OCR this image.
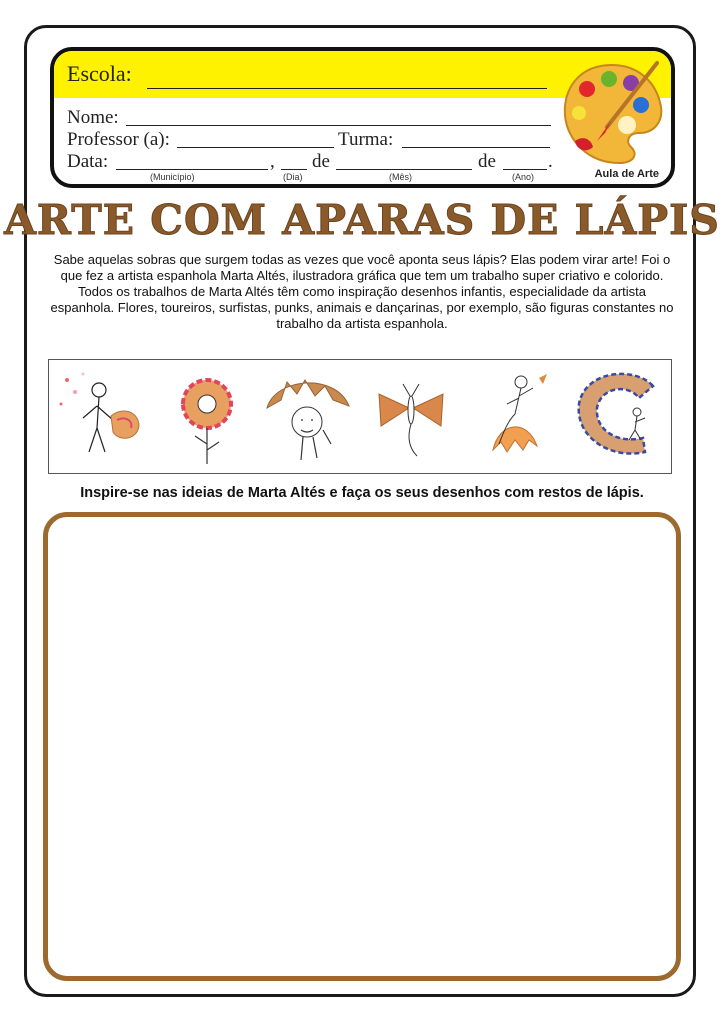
Escola:
Nome:
Professor (a):	Turma:
Data:	, de	de	.
(Município)	(Dia)	(Mês)	(Ano)	Aula de Arte
ARTE COM APARAS DE LÁPIS

Sabe aquelas sobras que surgem todas as vezes que você aponta seus lápis? Elas podem virar arte! Foi o que fez a artista espanhola Marta Altés, ilustradora gráfica que tem um trabalho super criativo e colorido.

Todos os trabalhos de Marta Altés têm como inspiração desenhos infantis, especialidade da artista espanhola. Flores, toureiros, surfistas, punks, animais e dançarinas, por exemplo, são figuras constantes no trabalho da artista espanhola.

Inspire-se nas ideias de Marta Altés e faça os seus desenhos com restos de lápis.
